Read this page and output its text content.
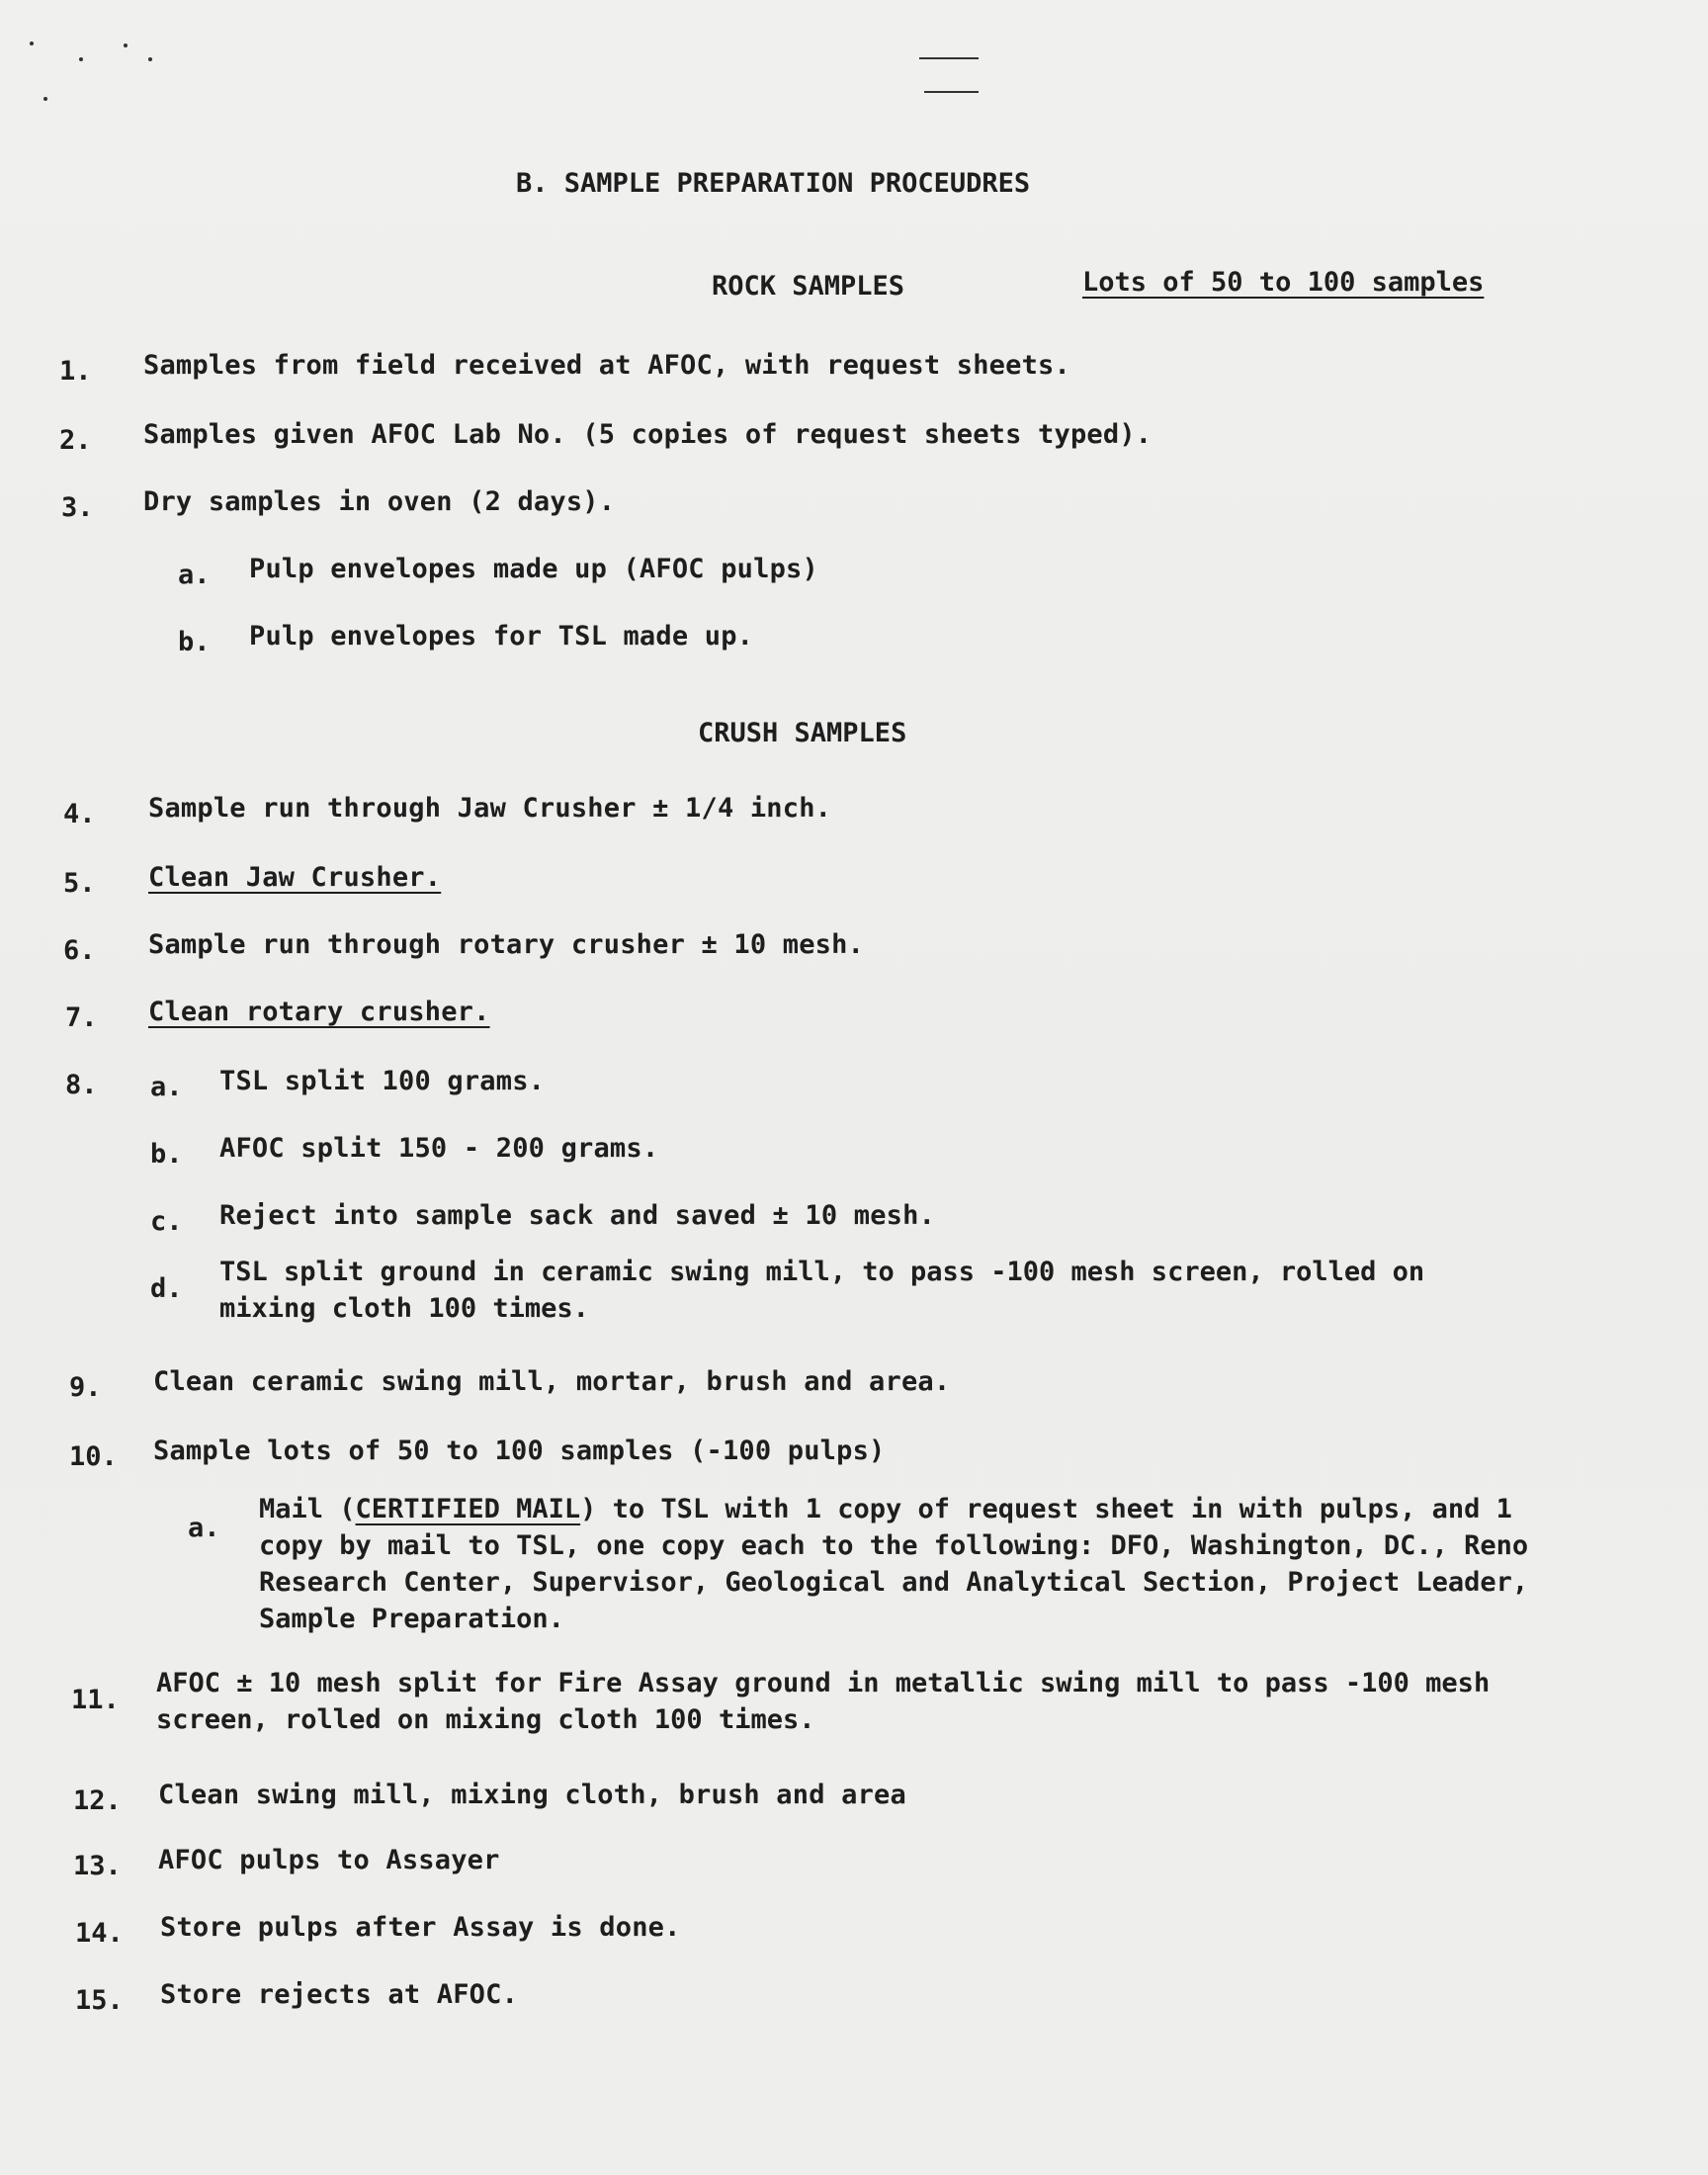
B. SAMPLE PREPARATION PROCEUDRES
ROCK SAMPLES	Lots of 50 to 100 samples
1. Samples from field received at AFOC, with request sheets.
2. Samples given AFOC Lab No. (5 copies of request sheets typed).
3. Dry samples in oven (2 days).
a. Pulp envelopes made up (AFOC pulps)
b. Pulp envelopes for TSL made up.
CRUSH SAMPLES
4. Sample run through Jaw Crusher ± 1/4 inch.
5. Clean Jaw Crusher.
6. Sample run through rotary crusher ± 10 mesh.
7. Clean rotary crusher.
8. a. TSL split 100 grams.
b. AFOC split 150 - 200 grams.
c. Reject into sample sack and saved ± 10 mesh.
d.
TSL split ground in ceramic swing mill, to pass -100 mesh screen, rolled on mixing cloth 100 times.
9. Clean ceramic swing mill, mortar, brush and area.
10. Sample lots of 50 to 100 samples (-100 pulps)
a.
Mail (CERTIFIED MAIL) to TSL with 1 copy of request sheet in with pulps, and 1 copy by mail to TSL, one copy each to the following: DFO, Washington, DC., Reno Research Center, Supervisor, Geological and Analytical Section, Project Leader, Sample Preparation.
11.
AFOC ± 10 mesh split for Fire Assay ground in metallic swing mill to pass -100 mesh screen, rolled on mixing cloth 100 times.
12. Clean swing mill, mixing cloth, brush and area
13. AFOC pulps to Assayer
14. Store pulps after Assay is done.
15. Store rejects at AFOC.
